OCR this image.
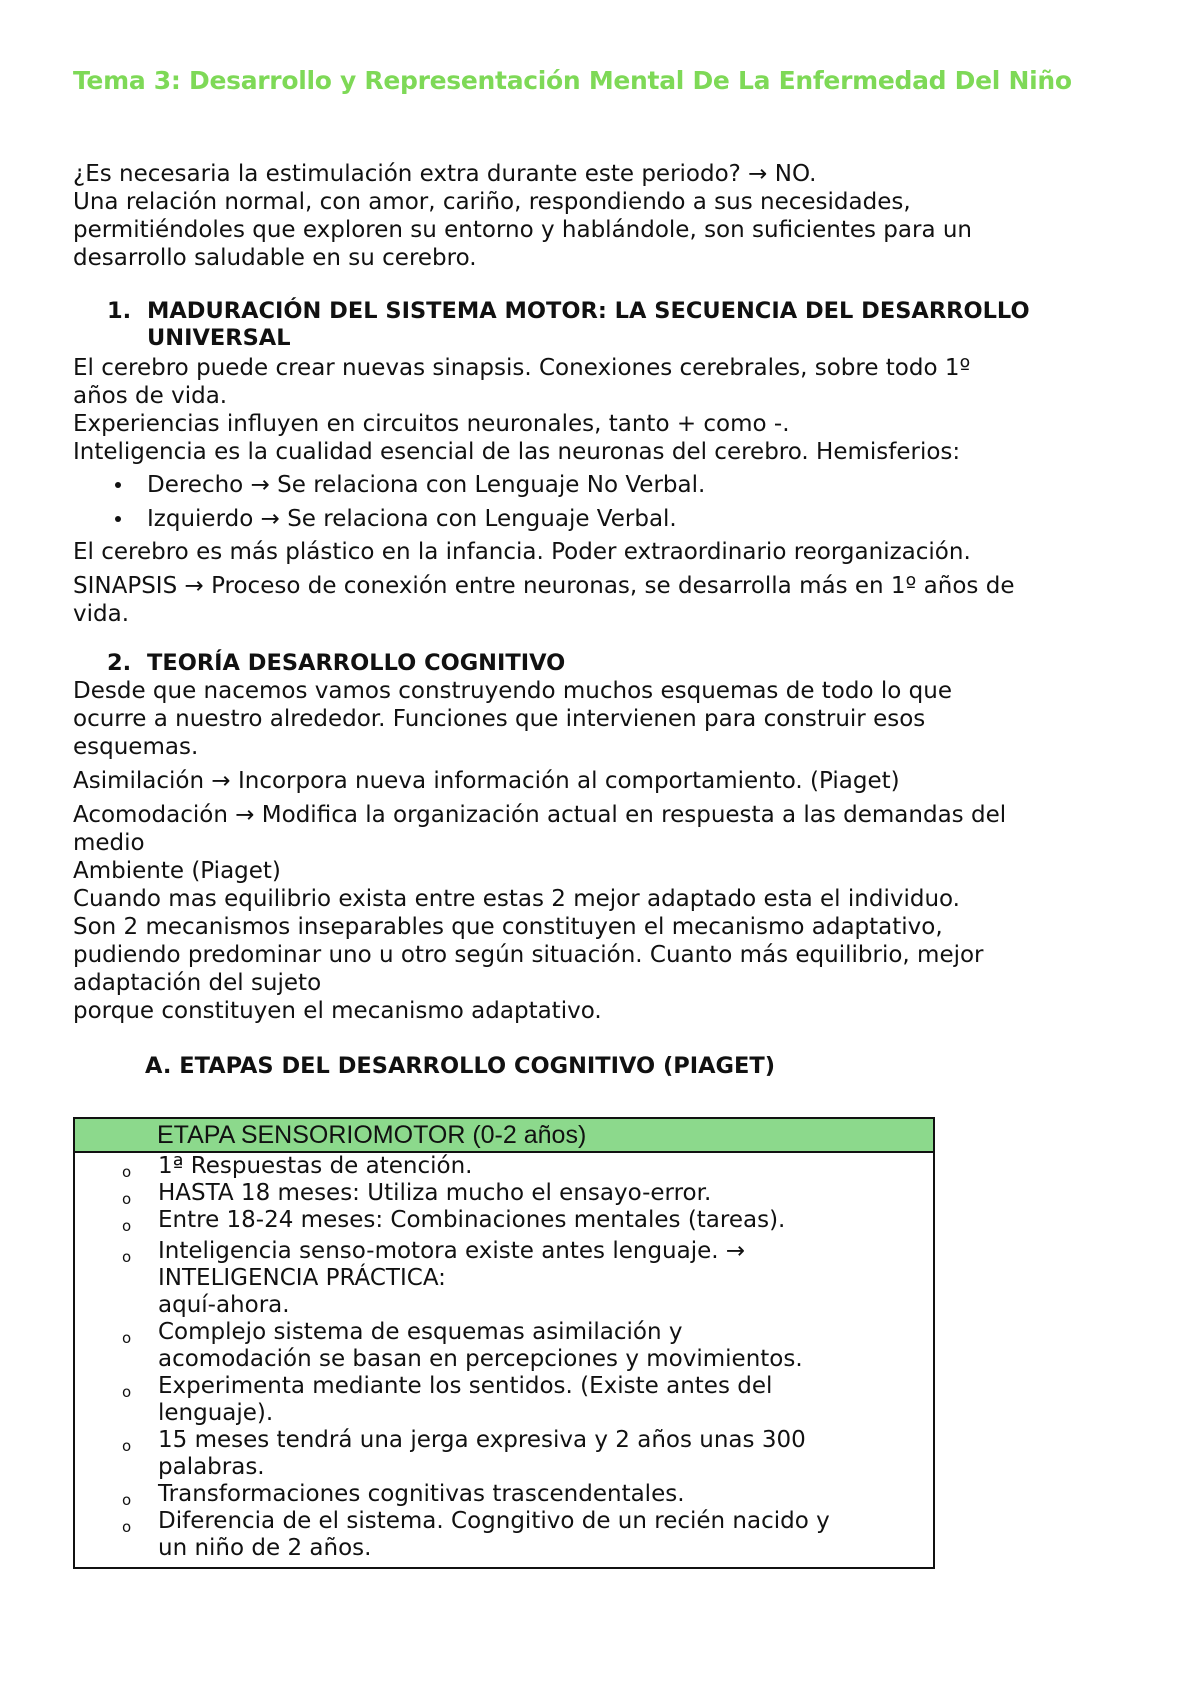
Tema 3: Desarrollo y Representación Mental De La Enfermedad Del Niño

¿Es necesaria la estimulación extra durante este periodo? → NO.

Una relación normal, con amor, cariño, respondiendo a sus necesidades,

permitiéndoles que exploren su entorno y hablándole, son suficientes para un

desarrollo saludable en su cerebro.

1. MADURACIÓN DEL SISTEMA MOTOR: LA SECUENCIA DEL DESARROLLO
UNIVERSAL

El cerebro puede crear nuevas sinapsis. Conexiones cerebrales, sobre todo 1º

años de vida.

Experiencias influyen en circuitos neuronales, tanto + como -.

Inteligencia es la cualidad esencial de las neuronas del cerebro. Hemisferios:

Derecho → Se relaciona con Lenguaje No Verbal.
Izquierdo → Se relaciona con Lenguaje Verbal.

El cerebro es más plástico en la infancia. Poder extraordinario reorganización.

SINAPSIS → Proceso de conexión entre neuronas, se desarrolla más en 1º años de

vida.

2. TEORÍA DESARROLLO COGNITIVO

Desde que nacemos vamos construyendo muchos esquemas de todo lo que

ocurre a nuestro alrededor. Funciones que intervienen para construir esos

esquemas.

Asimilación → Incorpora nueva información al comportamiento. (Piaget)

Acomodación → Modifica la organización actual en respuesta a las demandas del

medio

Ambiente (Piaget)

Cuando mas equilibrio exista entre estas 2 mejor adaptado esta el individuo.

Son 2 mecanismos inseparables que constituyen el mecanismo adaptativo,

pudiendo predominar uno u otro según situación. Cuanto más equilibrio, mejor

adaptación del sujeto

porque constituyen el mecanismo adaptativo.

A. ETAPAS DEL DESARROLLO COGNITIVO (PIAGET)
ETAPA SENSORIOMOTOR (0-2 años)
o 1ª Respuestas de atención.
o HASTA 18 meses: Utiliza mucho el ensayo-error.
o Entre 18-24 meses: Combinaciones mentales (tareas).
o Inteligencia senso-motora existe antes lenguaje. →
INTELIGENCIA PRÁCTICA:
aquí-ahora.
o Complejo sistema de esquemas asimilación y
acomodación se basan en percepciones y movimientos.
o Experimenta mediante los sentidos. (Existe antes del
lenguaje).
o 15 meses tendrá una jerga expresiva y 2 años unas 300
palabras.
o Transformaciones cognitivas trascendentales.
o Diferencia de el sistema. Cogngitivo de un recién nacido y
un niño de 2 años.
